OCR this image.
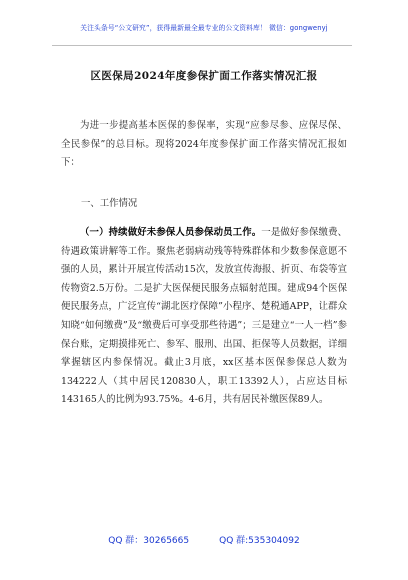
关注头条号“公文研究”，获得最新最全最专业的公文资料库！ 微信：gongwenyj
区医保局2024年度参保扩面工作落实情况汇报
为进一步提高基本医保的参保率，实现“应参尽参、应保尽保、全民参保”的总目标。现将2024年度参保扩面工作落实情况汇报如下：
一、工作情况
（一）持续做好未参保人员参保动员工作。一是做好参保缴费、待遇政策讲解等工作。聚焦老弱病动残等特殊群体和少数参保意愿不强的人员，累计开展宣传活动15次，发放宣传海报、折页、布袋等宣传物资2.5万份。二是扩大医保便民服务点辐射范围。建成94个医保便民服务点，广泛宣传“湖北医疗保障”小程序、楚税通APP，让群众知晓“如何缴费”及“缴费后可享受那些待遇”；三是建立“一人一档”参保台账，定期摸排死亡、参军、服刑、出国、拒保等人员数据，详细掌握辖区内参保情况。截止3月底，xx区基本医保参保总人数为134222人（其中居民120830人，职工13392人），占应达目标143165人的比例为93.75%。4-6月，共有居民补缴医保89人。
QQ 群：30265665	QQ 群:535304092
